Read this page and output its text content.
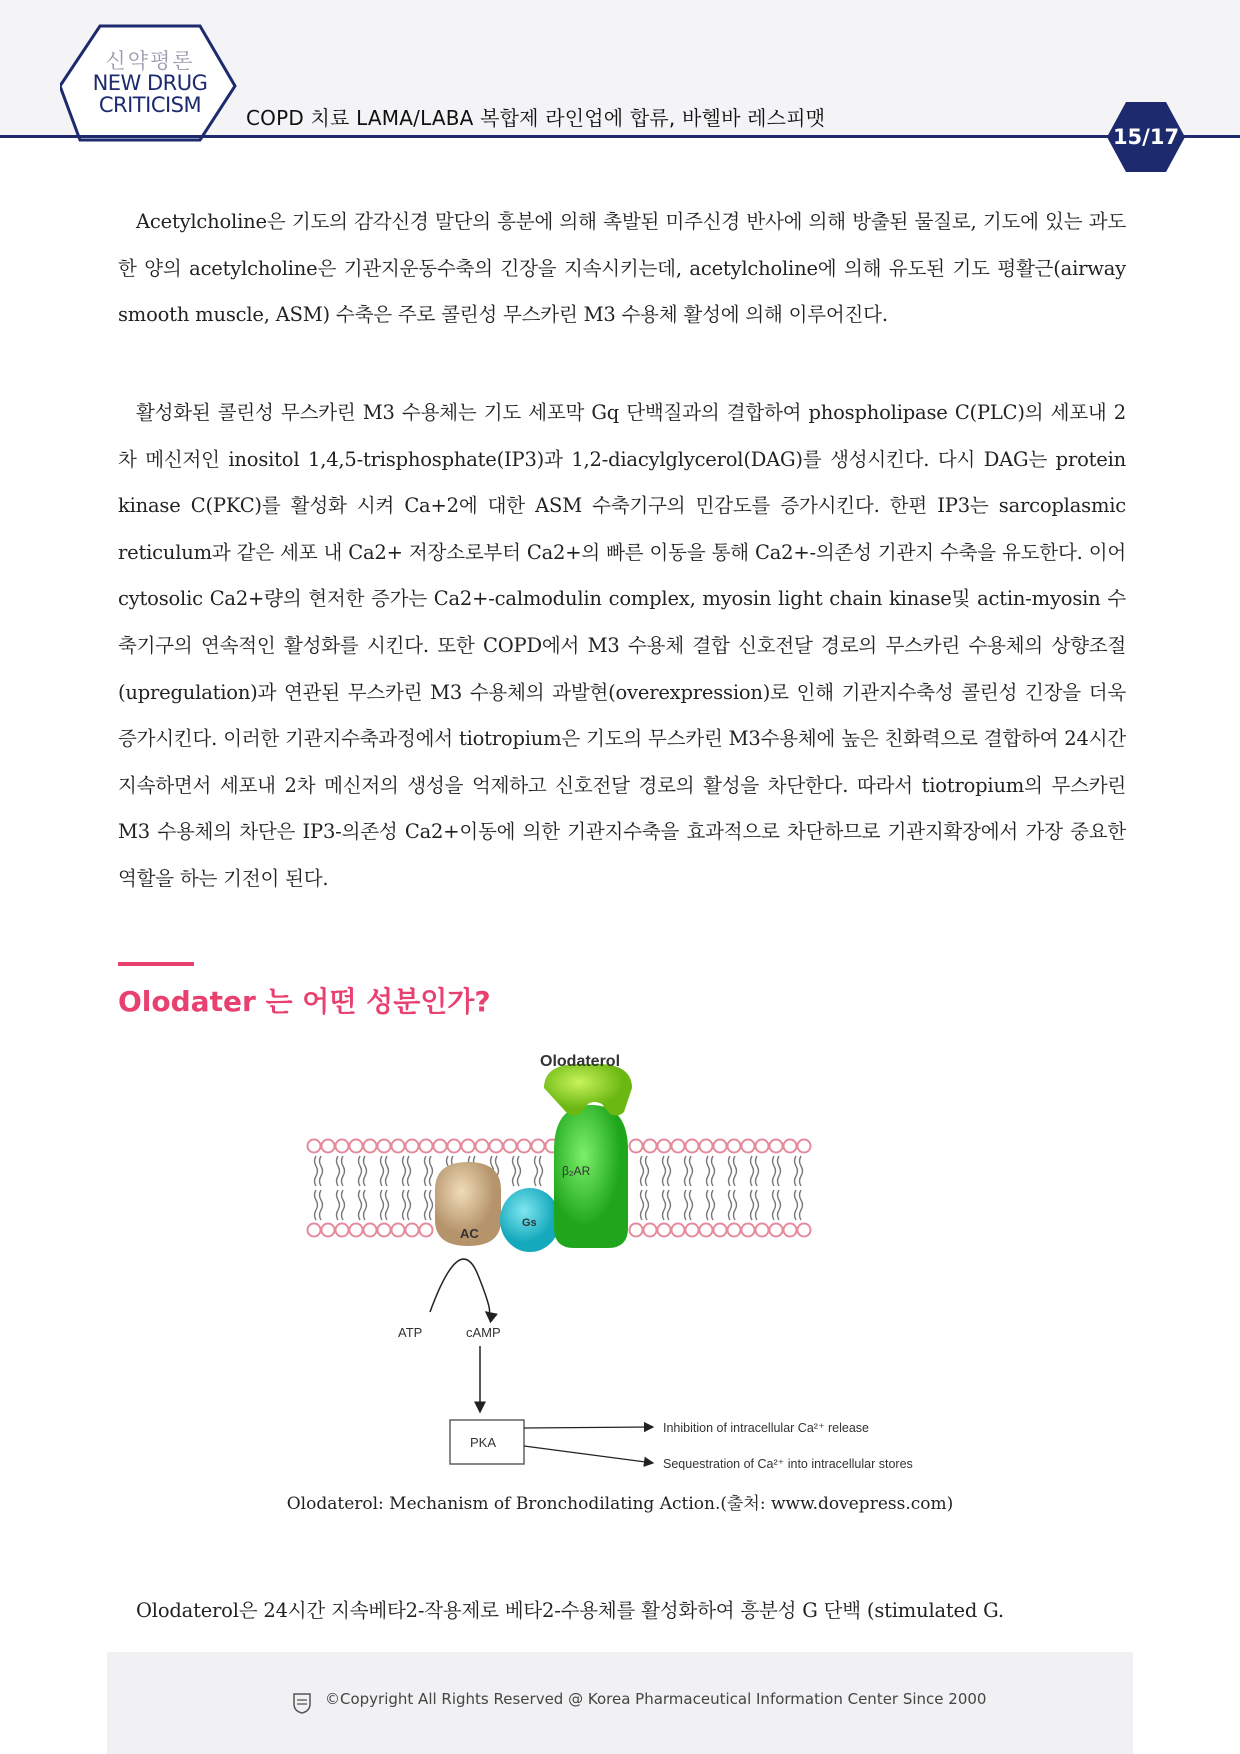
신약평론
NEW DRUG
CRITICISM
COPD 치료 LAMA/LABA 복합제 라인업에 합류, 바헬바 레스피맷
15/17
Acetylcholine은 기도의 감각신경 말단의 흥분에 의해 촉발된 미주신경 반사에 의해 방출된 물질로, 기도에 있는 과도한 양의 acetylcholine은 기관지운동수축의 긴장을 지속시키는데, acetylcholine에 의해 유도된 기도 평활근(airway smooth muscle, ASM) 수축은 주로 콜린성 무스카린 M3 수용체 활성에 의해 이루어진다.
활성화된 콜린성 무스카린 M3 수용체는 기도 세포막 Gq 단백질과의 결합하여 phospholipase C(PLC)의 세포내 2차 메신저인 inositol 1,4,5-trisphosphate(IP3)과 1,2-diacylglycerol(DAG)를 생성시킨다. 다시 DAG는 protein kinase C(PKC)를 활성화 시켜 Ca+2에 대한 ASM 수축기구의 민감도를 증가시킨다. 한편 IP3는 sarcoplasmic reticulum과 같은 세포 내 Ca2+ 저장소로부터 Ca2+의 빠른 이동을 통해 Ca2+-의존성 기관지 수축을 유도한다. 이어 cytosolic Ca2+량의 현저한 증가는 Ca2+-calmodulin complex, myosin light chain kinase및 actin-myosin 수축기구의 연속적인 활성화를 시킨다. 또한 COPD에서 M3 수용체 결합 신호전달 경로의 무스카린 수용체의 상향조절(upregulation)과 연관된 무스카린 M3 수용체의 과발현(overexpression)로 인해 기관지수축성 콜린성 긴장을 더욱 증가시킨다. 이러한 기관지수축과정에서 tiotropium은 기도의 무스카린 M3수용체에 높은 친화력으로 결합하여 24시간 지속하면서 세포내 2차 메신저의 생성을 억제하고 신호전달 경로의 활성을 차단한다. 따라서 tiotropium의 무스카린 M3 수용체의 차단은 IP3-의존성 Ca2+이동에 의한 기관지수축을 효과적으로 차단하므로 기관지확장에서 가장 중요한 역할을 하는 기전이 된다.
Olodater 는 어떤 성분인가?
AC
Gs
β₂AR
Olodaterol
ATP	cAMP
PKA
Inhibition of intracellular Ca²⁺ release
Sequestration of Ca²⁺ into intracellular stores
Olodaterol: Mechanism of Bronchodilating Action.(출처: www.dovepress.com)
Olodaterol은 24시간 지속베타2-작용제로 베타2-수용체를 활성화하여 흥분성 G 단백 (stimulated G.
©Copyright All Rights Reserved @ Korea Pharmaceutical Information Center Since 2000
